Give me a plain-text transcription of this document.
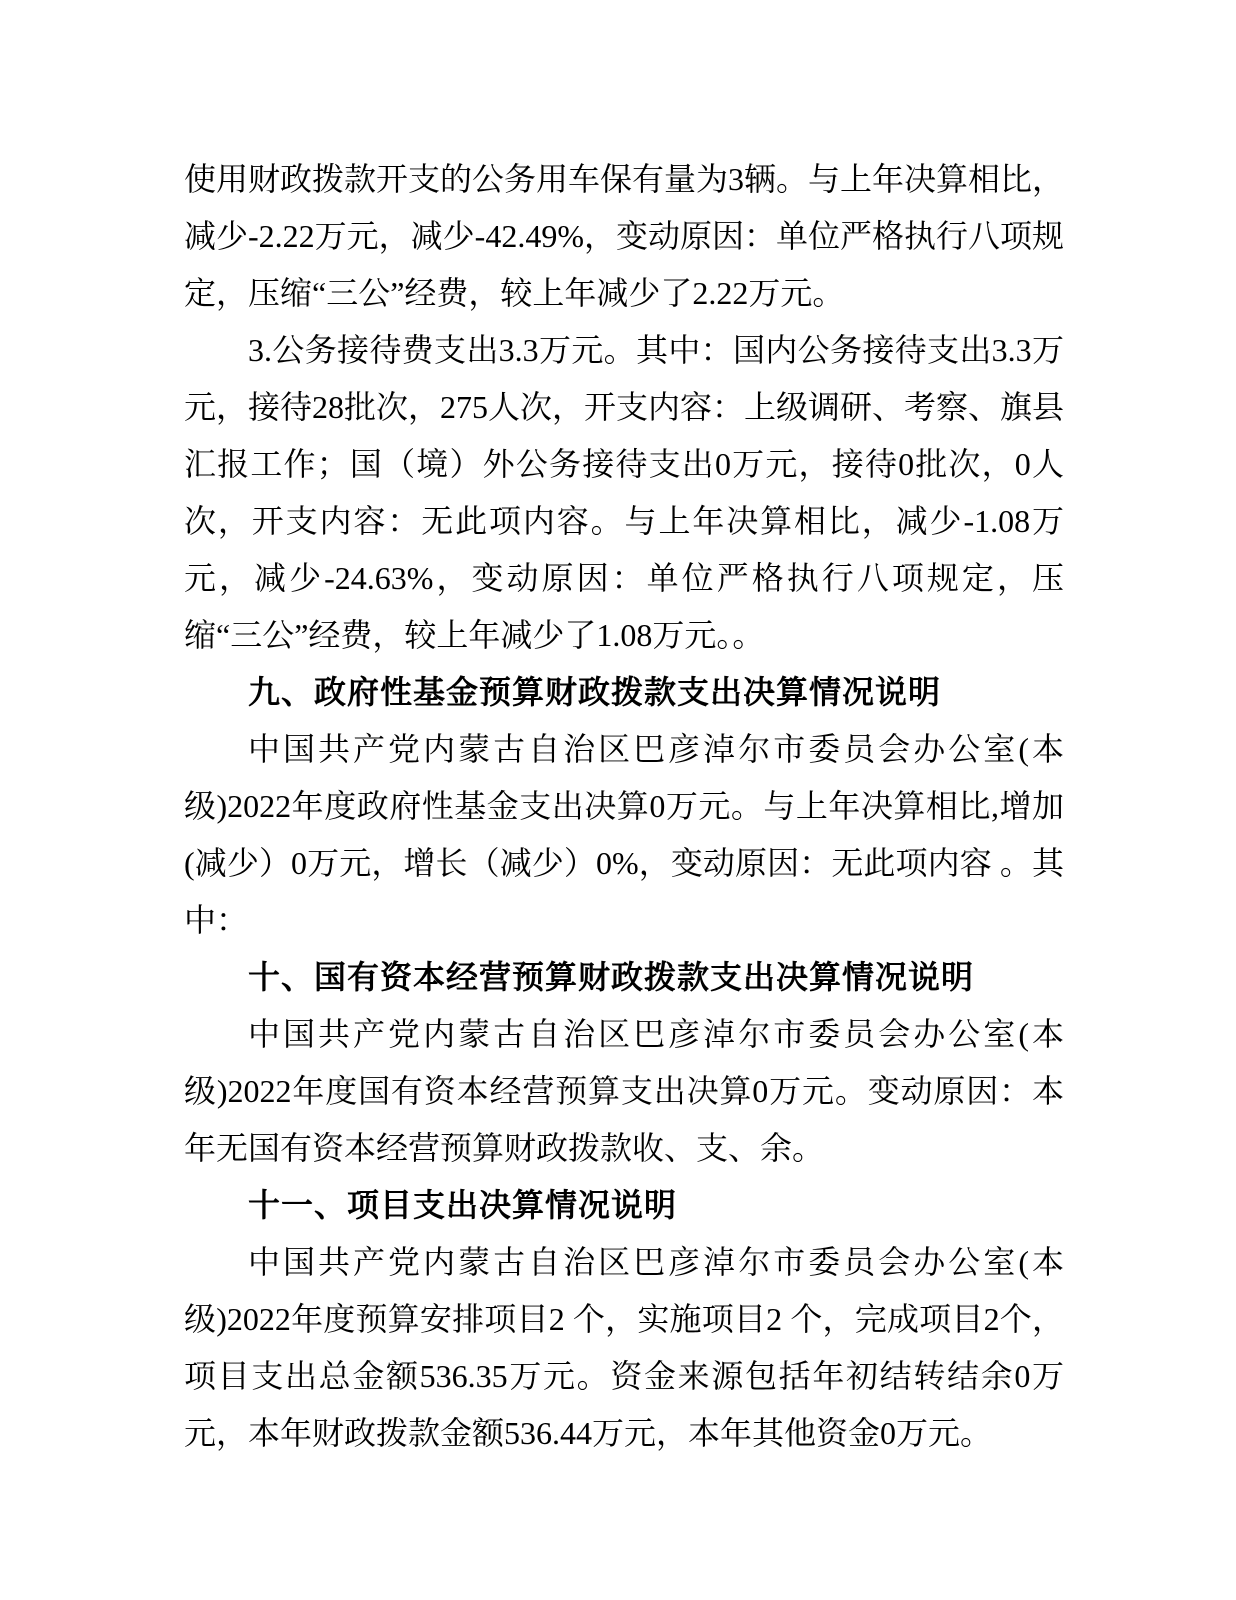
使用财政拨款开支的公务用车保有量为3辆。与上年决算相比，减少-2.22万元，减少-42.49%，变动原因：单位严格执行八项规定，压缩“三公”经费，较上年减少了2.22万元。

3.公务接待费支出3.3万元。其中：国内公务接待支出3.3万元，接待28批次，275人次，开支内容：上级调研、考察、旗县汇报工作；国（境）外公务接待支出0万元，接待0批次，0人次，开支内容：无此项内容。与上年决算相比，减少-1.08万元，减少-24.63%，变动原因：单位严格执行八项规定，压缩“三公”经费，较上年减少了1.08万元。。

九、政府性基金预算财政拨款支出决算情况说明

中国共产党内蒙古自治区巴彦淖尔市委员会办公室(本级)2022年度政府性基金支出决算0万元。与上年决算相比,增加(减少）0万元，增长（减少）0%，变动原因：无此项内容 。其中：

十、国有资本经营预算财政拨款支出决算情况说明

中国共产党内蒙古自治区巴彦淖尔市委员会办公室(本级)2022年度国有资本经营预算支出决算0万元。变动原因：本年无国有资本经营预算财政拨款收、支、余。

十一、项目支出决算情况说明

中国共产党内蒙古自治区巴彦淖尔市委员会办公室(本级)2022年度预算安排项目2 个，实施项目2 个，完成项目2个，项目支出总金额536.35万元。资金来源包括年初结转结余0万元，本年财政拨款金额536.44万元，本年其他资金0万元。
